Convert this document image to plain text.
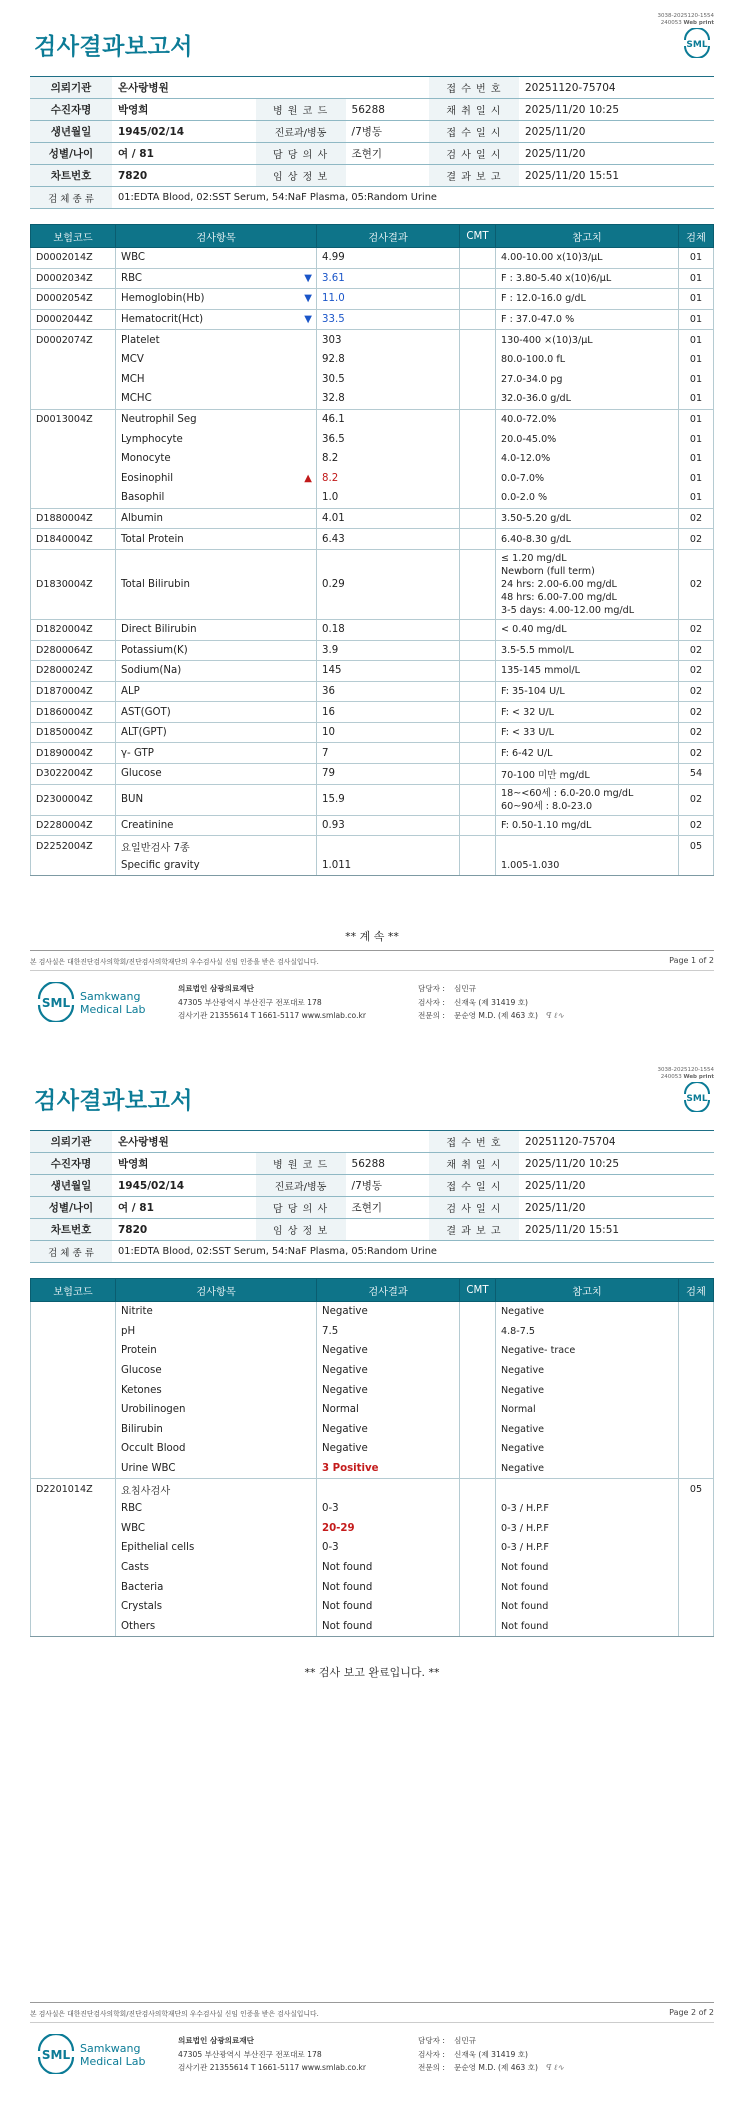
3038-2025120-1554
240053 Web print
검사결과보고서	SML
의뢰기관	온사랑병원			접 수 번 호	20251120-75704
수진자명	박영희	병 원 코 드	56288	채 취 일 시	2025/11/20 10:25
생년월일	1945/02/14	진료과/병동	/7병동	접 수 일 시	2025/11/20
성별/나이	여 / 81	담 당 의 사	조현기	검 사 일 시	2025/11/20
차트번호	7820	임 상 정 보		결 과 보 고	2025/11/20 15:51
검 체 종 류	01:EDTA Blood, 02:SST Serum, 54:NaF Plasma, 05:Random Urine				
보험코드	검사항목	검사결과	CMT	참고치	검체
D0002014Z	WBC	4.99		4.00-10.00 x(10)3/μL	01
D0002034Z	RBC ▼	3.61		F : 3.80-5.40 x(10)6/μL	01
D0002054Z	Hemoglobin(Hb) ▼	11.0		F : 12.0-16.0 g/dL	01
D0002044Z	Hematocrit(Hct) ▼	33.5		F : 37.0-47.0 %	01
D0002074Z	Platelet	303		130-400 ×(10)3/μL	01
	MCV	92.8		80.0-100.0 fL	01
	MCH	30.5		27.0-34.0 pg	01
	MCHC	32.8		32.0-36.0 g/dL	01
D0013004Z	Neutrophil Seg	46.1		40.0-72.0%	01
	Lymphocyte	36.5		20.0-45.0%	01
	Monocyte	8.2		4.0-12.0%	01
	Eosinophil ▲	8.2		0.0-7.0%	01
	Basophil	1.0		0.0-2.0 %	01
D1880004Z	Albumin	4.01		3.50-5.20 g/dL	02
D1840004Z	Total Protein	6.43		6.40-8.30 g/dL	02
D1830004Z	Total Bilirubin	0.29		≤ 1.20 mg/dL
Newborn (full term)
24 hrs: 2.00-6.00 mg/dL
48 hrs: 6.00-7.00 mg/dL
3-5 days: 4.00-12.00 mg/dL	02
D1820004Z	Direct Bilirubin	0.18		< 0.40 mg/dL	02
D2800064Z	Potassium(K)	3.9		3.5-5.5 mmol/L	02
D2800024Z	Sodium(Na)	145		135-145 mmol/L	02
D1870004Z	ALP	36		F: 35-104 U/L	02
D1860004Z	AST(GOT)	16		F: < 32 U/L	02
D1850004Z	ALT(GPT)	10		F: < 33 U/L	02
D1890004Z	γ- GTP	7		F: 6-42 U/L	02
D3022004Z	Glucose	79		70-100 미만 mg/dL	54
D2300004Z	BUN	15.9		18~<60세 : 6.0-20.0 mg/dL
60~90세 : 8.0-23.0	02
D2280004Z	Creatinine	0.93		F: 0.50-1.10 mg/dL	02
D2252004Z	요일반검사 7종				05
	Specific gravity	1.011		1.005-1.030	
** 계 속 **
본 검사실은 대한진단검사의학회/진단검사의학재단의 우수검사실 신임 인증을 받은 검사실입니다.	Page 1 of 2
SML Samkwang
Medical Lab
의료법인 삼광의료재단
47305 부산광역시 부산진구 전포대로 178
검사기관 21355614 T 1661-5117 www.smlab.co.kr
담당자 : 심민규
검사자 : 신재욱 (제 31419 호)
전문의 : 문순영 M.D. (제 463 호) ꟼ ℓ∿
3038-2025120-1554
240053 Web print
검사결과보고서	SML
의뢰기관	온사랑병원			접 수 번 호	20251120-75704
수진자명	박영희	병 원 코 드	56288	채 취 일 시	2025/11/20 10:25
생년월일	1945/02/14	진료과/병동	/7병동	접 수 일 시	2025/11/20
성별/나이	여 / 81	담 당 의 사	조현기	검 사 일 시	2025/11/20
차트번호	7820	임 상 정 보		결 과 보 고	2025/11/20 15:51
검 체 종 류	01:EDTA Blood, 02:SST Serum, 54:NaF Plasma, 05:Random Urine				
보험코드	검사항목	검사결과	CMT	참고치	검체
	Nitrite	Negative		Negative	
	pH	7.5		4.8-7.5	
	Protein	Negative		Negative- trace	
	Glucose	Negative		Negative	
	Ketones	Negative		Negative	
	Urobilinogen	Normal		Normal	
	Bilirubin	Negative		Negative	
	Occult Blood	Negative		Negative	
	Urine WBC	3 Positive		Negative	
D2201014Z	요침사검사				05
	RBC	0-3		0-3 / H.P.F	
	WBC	20-29		0-3 / H.P.F	
	Epithelial cells	0-3		0-3 / H.P.F	
	Casts	Not found		Not found	
	Bacteria	Not found		Not found	
	Crystals	Not found		Not found	
	Others	Not found		Not found	
** 검사 보고 완료입니다. **
본 검사실은 대한진단검사의학회/진단검사의학재단의 우수검사실 신임 인증을 받은 검사실입니다.	Page 2 of 2
SML Samkwang
Medical Lab
의료법인 삼광의료재단
47305 부산광역시 부산진구 전포대로 178
검사기관 21355614 T 1661-5117 www.smlab.co.kr
담당자 : 심민규
검사자 : 신재욱 (제 31419 호)
전문의 : 문순영 M.D. (제 463 호) ꟼ ℓ∿
